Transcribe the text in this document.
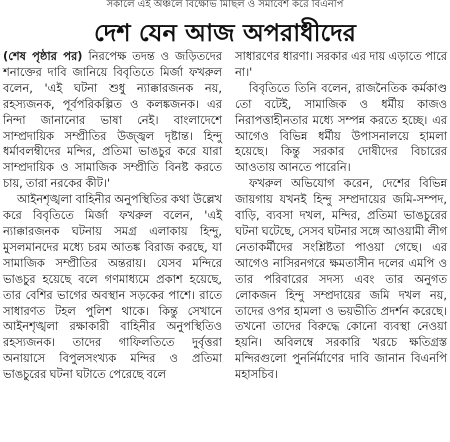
সকালে এই অঞ্চলে বিক্ষোভ মিছিল ও সমাবেশ করে বিএনপি
দেশ যেন আজ অপরাধীদের

(শেষ পৃষ্ঠার পর) নিরপেক্ষ তদন্ত ও জড়িতদের শনাক্তের দাবি জানিয়ে বিবৃতিতে মির্জা ফখরুল বলেন, 'এই ঘটনা শুধু ন্যাক্কারজনক নয়, রহস্যজনক, পূর্বপরিকল্পিত ও কলঙ্কজনক। এর নিন্দা জানানোর ভাষা নেই। বাংলাদেশে সাম্প্রদায়িক সম্প্রীতির উজ্জ্বল দৃষ্টান্ত। হিন্দু ধর্মাবলম্বীদের মন্দির, প্রতিমা ভাঙচুর করে যারা সাম্প্রদায়িক ও সামাজিক সম্প্রীতি বিনষ্ট করতে চায়, তারা নরকের কীট।'

আইনশৃঙ্খলা বাহিনীর অনুপস্থিতির কথা উল্লেখ করে বিবৃতিতে মির্জা ফখরুল বলেন, 'এই ন্যাক্কারজনক ঘটনায় সমগ্র এলাকায় হিন্দু, মুসলমানদের মধ্যে চরম আতঙ্ক বিরাজ করছে, যা সামাজিক সম্প্রীতির অন্তরায়। যেসব মন্দিরে ভাঙচুর হয়েছে বলে গণমাধ্যমে প্রকাশ হয়েছে, তার বেশির ভাগের অবস্থান সড়কের পাশে। রাতে সাধারণত টহল পুলিশ থাকে। কিন্তু সেখানে আইনশৃঙ্খলা রক্ষাকারী বাহিনীর অনুপস্থিতিও রহস্যজনক। তাদের গাফিলতিতে দুর্বৃত্তরা অনায়াসে বিপুলসংখ্যক মন্দির ও প্রতিমা ভাঙচুরের ঘটনা ঘটাতে পেরেছে বলে

সাধারণের ধারণা। সরকার এর দায় এড়াতে পারে না।'

বিবৃতিতে তিনি বলেন, রাজনৈতিক কর্মকাণ্ড তো বটেই, সামাজিক ও ধর্মীয় কাজও নিরাপত্তাহীনতার মধ্যে সম্পন্ন করতে হচ্ছে। এর আগেও বিভিন্ন ধর্মীয় উপাসনালয়ে হামলা হয়েছে। কিন্তু সরকার দোষীদের বিচারের আওতায় আনতে পারেনি।

ফখরুল অভিযোগ করেন, দেশের বিভিন্ন জায়গায় যখনই হিন্দু সম্প্রদায়ের জমি-সম্পদ, বাড়ি, ব্যবসা দখল, মন্দির, প্রতিমা ভাঙচুরের ঘটনা ঘটেছে, সেসব ঘটনার সঙ্গে আওয়ামী লীগ নেতাকর্মীদের সংশ্লিষ্টতা পাওয়া গেছে। এর আগেও নাসিরনগরে ক্ষমতাসীন দলের এমপি ও তার পরিবারের সদস্য এবং তার অনুগত লোকজন হিন্দু সম্প্রদায়ের জমি দখল নয়, তাদের ওপর হামলা ও ভয়ভীতি প্রদর্শন করেছে। তখনো তাদের বিরুদ্ধে কোনো ব্যবস্থা নেওয়া হয়নি। অবিলম্বে সরকারি খরচে ক্ষতিগ্রস্ত মন্দিরগুলো পুনর্নির্মাণের দাবি জানান বিএনপি মহাসচিব।
